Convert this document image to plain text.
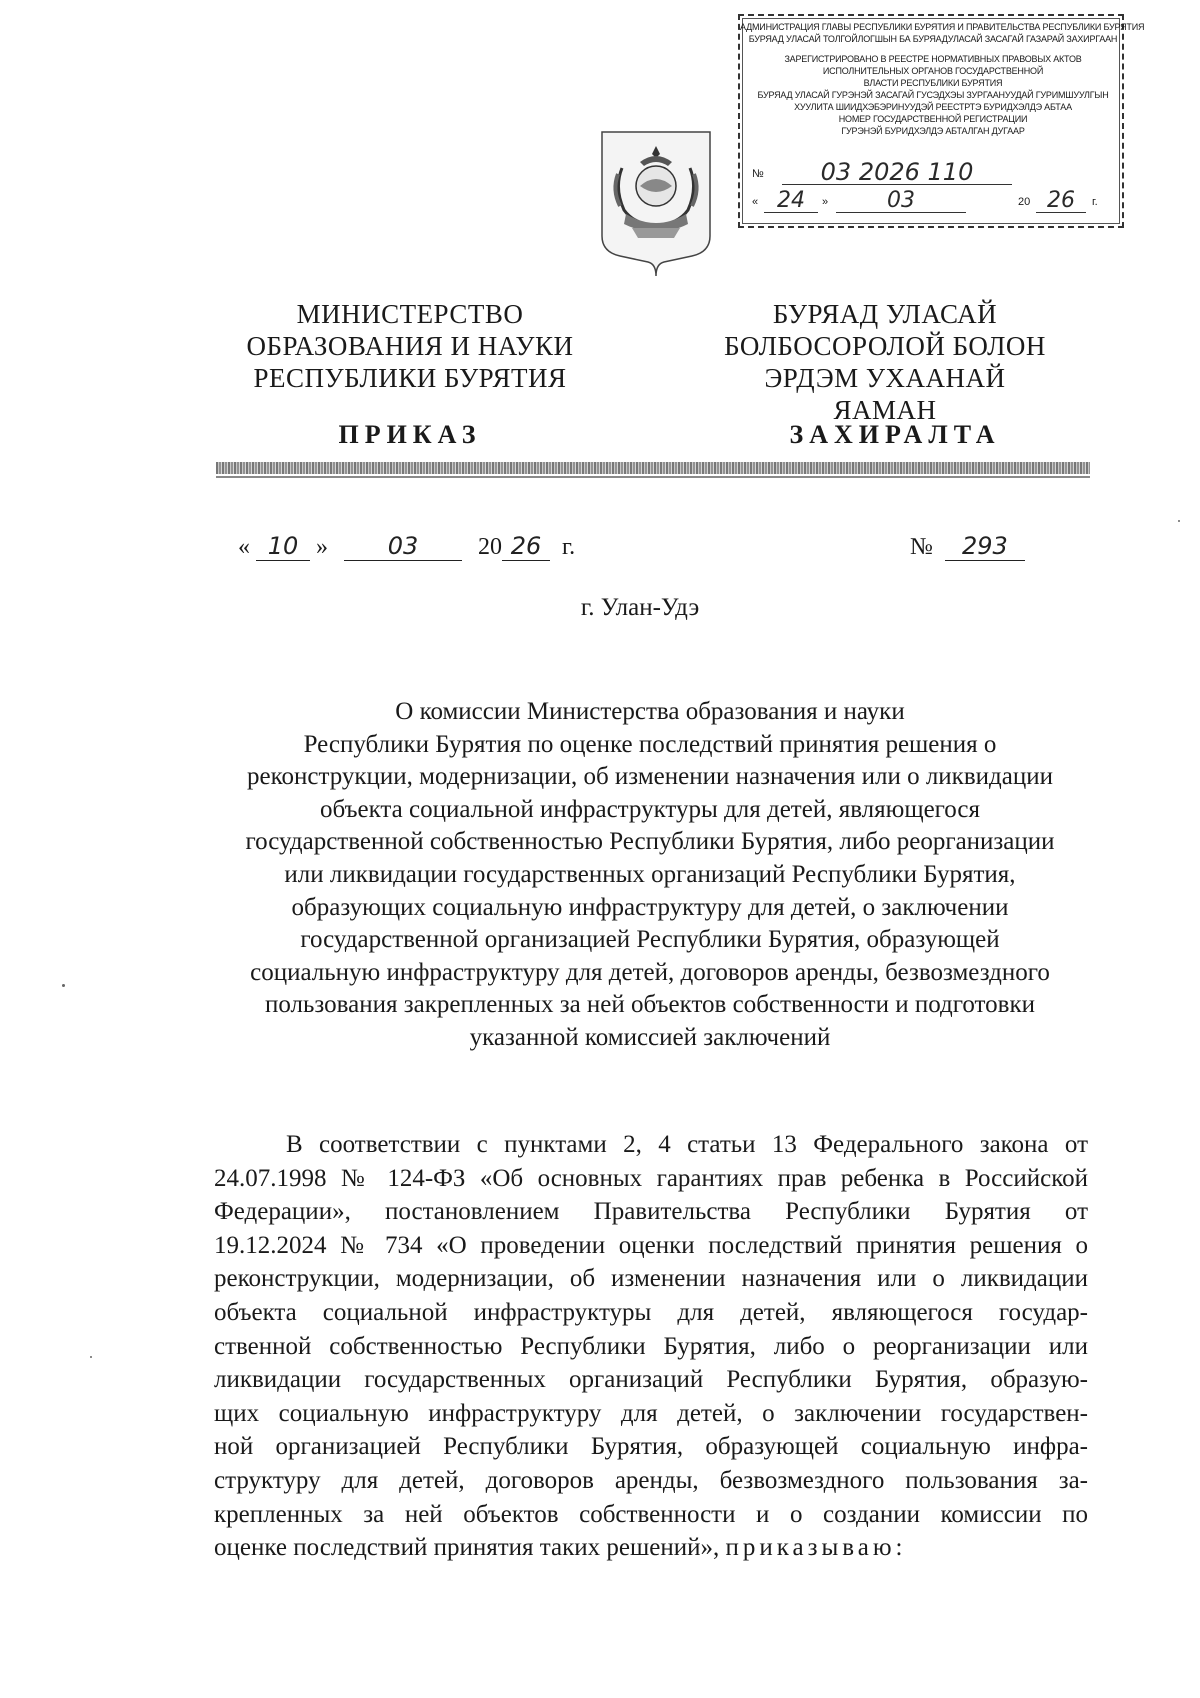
АДМИНИСТРАЦИЯ ГЛАВЫ РЕСПУБЛИКИ БУРЯТИЯ И ПРАВИТЕЛЬСТВА РЕСПУБЛИКИ БУРЯТИЯ
БУРЯАД УЛАСАЙ ТОЛГОЙЛОГШЫН БА БУРЯАДУЛАСАЙ ЗАСАГАЙ ГАЗАРАЙ ЗАХИРГААН
ЗАРЕГИСТРИРОВАНО В РЕЕСТРЕ НОРМАТИВНЫХ ПРАВОВЫХ АКТОВ
ИСПОЛНИТЕЛЬНЫХ ОРГАНОВ ГОСУДАРСТВЕННОЙ
ВЛАСТИ РЕСПУБЛИКИ БУРЯТИЯ
БУРЯАД УЛАСАЙ ГУРЭНЭЙ ЗАСАГАЙ ГУСЭДХЭЫ ЗУРГААНУУДАЙ ГУРИМШУУЛГЫН
ХУУЛИТА ШИИДХЭБЭРИНУУДЭЙ РЕЕСТРТЭ БУРИДХЭЛДЭ АБТАА
НОМЕР ГОСУДАРСТВЕННОЙ РЕГИСТРАЦИИ
ГУРЭНЭЙ БУРИДХЭЛДЭ АБТАЛГАН ДУГААР
№	03 2026 110
« 24	»	03	20 26	г.
МИНИСТЕРСТВО
ОБРАЗОВАНИЯ И НАУКИ
РЕСПУБЛИКИ БУРЯТИЯ
БУРЯАД УЛАСАЙ
БОЛБОСОРОЛОЙ БОЛОН
ЭРДЭМ УХААНАЙ ЯАМАН
ПРИКАЗ	ЗАХИРАЛТА
« 10 » 03 20 26 г.	№ 293
г. Улан-Удэ
О комиссии Министерства образования и науки
Республики Бурятия по оценке последствий принятия решения о
реконструкции, модернизации, об изменении назначения или о ликвидации
объекта социальной инфраструктуры для детей, являющегося
государственной собственностью Республики Бурятия, либо реорганизации
или ликвидации государственных организаций Республики Бурятия,
образующих социальную инфраструктуру для детей, о заключении
государственной организацией Республики Бурятия, образующей
социальную инфраструктуру для детей, договоров аренды, безвозмездного
пользования закрепленных за ней объектов собственности и подготовки
указанной комиссией заключений
В соответствии с пунктами 2, 4 статьи 13 Федерального закона от
24.07.1998 № 124-ФЗ «Об основных гарантиях прав ребенка в Российской
Федерации», постановлением Правительства Республики Бурятия от
19.12.2024 № 734 «О проведении оценки последствий принятия решения о
реконструкции, модернизации, об изменении назначения или о ликвидации
объекта социальной инфраструктуры для детей, являющегося государ-
ственной собственностью Республики Бурятия, либо о реорганизации или
ликвидации государственных организаций Республики Бурятия, образую-
щих социальную инфраструктуру для детей, о заключении государствен-
ной организацией Республики Бурятия, образующей социальную инфра-
структуру для детей, договоров аренды, безвозмездного пользования за-
крепленных за ней объектов собственности и о создании комиссии по
оценке последствий принятия таких решений», приказываю:
